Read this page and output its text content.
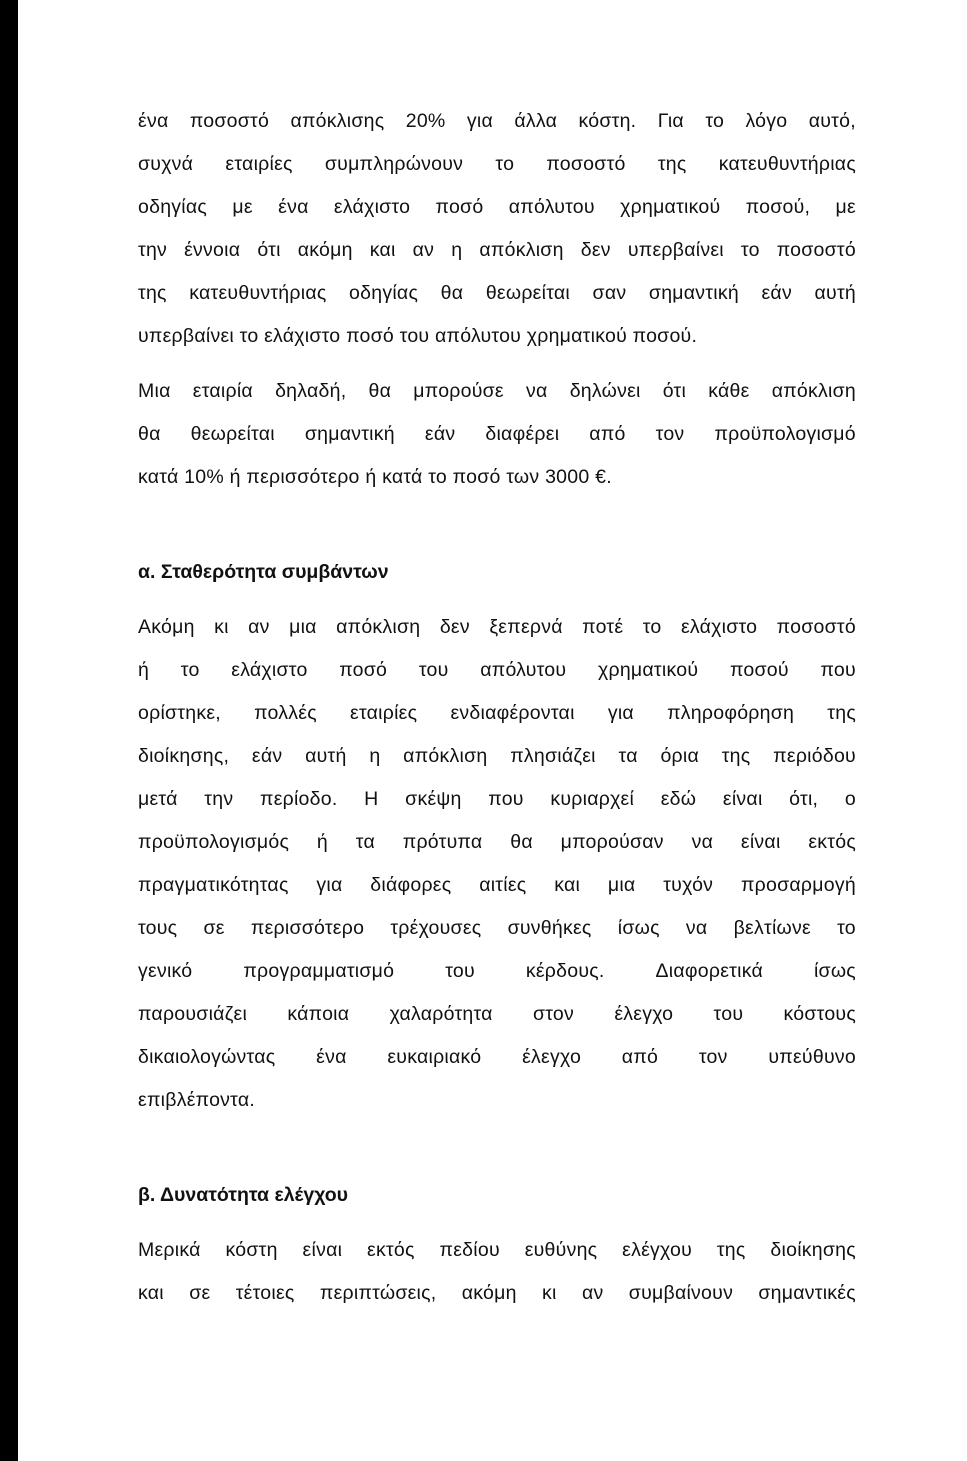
ένα ποσοστό απόκλισης 20% για άλλα κόστη. Για το λόγο αυτό,
συχνά εταιρίες συμπληρώνουν το ποσοστό της κατευθυντήριας
οδηγίας με ένα ελάχιστο ποσό απόλυτου χρηματικού ποσού, με
την έννοια ότι ακόμη και αν η απόκλιση δεν υπερβαίνει το ποσοστό
της κατευθυντήριας οδηγίας θα θεωρείται σαν σημαντική εάν αυτή
υπερβαίνει το ελάχιστο ποσό του απόλυτου χρηματικού ποσού.
Μια εταιρία δηλαδή, θα μπορούσε να δηλώνει ότι κάθε απόκλιση
θα θεωρείται σημαντική εάν διαφέρει από τον προϋπολογισμό
κατά 10% ή περισσότερο ή κατά το ποσό των 3000 €.
α. Σταθερότητα συμβάντων
Ακόμη κι αν μια απόκλιση δεν ξεπερνά ποτέ το ελάχιστο ποσοστό
ή το ελάχιστο ποσό του απόλυτου χρηματικού ποσού που
ορίστηκε, πολλές εταιρίες ενδιαφέρονται για πληροφόρηση της
διοίκησης, εάν αυτή η απόκλιση πλησιάζει τα όρια της περιόδου
μετά την περίοδο. Η σκέψη που κυριαρχεί εδώ είναι ότι, ο
προϋπολογισμός ή τα πρότυπα θα μπορούσαν να είναι εκτός
πραγματικότητας για διάφορες αιτίες και μια τυχόν προσαρμογή
τους σε περισσότερο τρέχουσες συνθήκες ίσως να βελτίωνε το
γενικό	προγραμματισμό	του	κέρδους.	Διαφορετικά	ίσως
παρουσιάζει κάποια χαλαρότητα στον έλεγχο του κόστους
δικαιολογώντας ένα ευκαιριακό έλεγχο από τον υπεύθυνο
επιβλέποντα.
β. Δυνατότητα ελέγχου
Μερικά κόστη είναι εκτός πεδίου ευθύνης ελέγχου της διοίκησης
και σε τέτοιες περιπτώσεις, ακόμη κι αν συμβαίνουν σημαντικές
